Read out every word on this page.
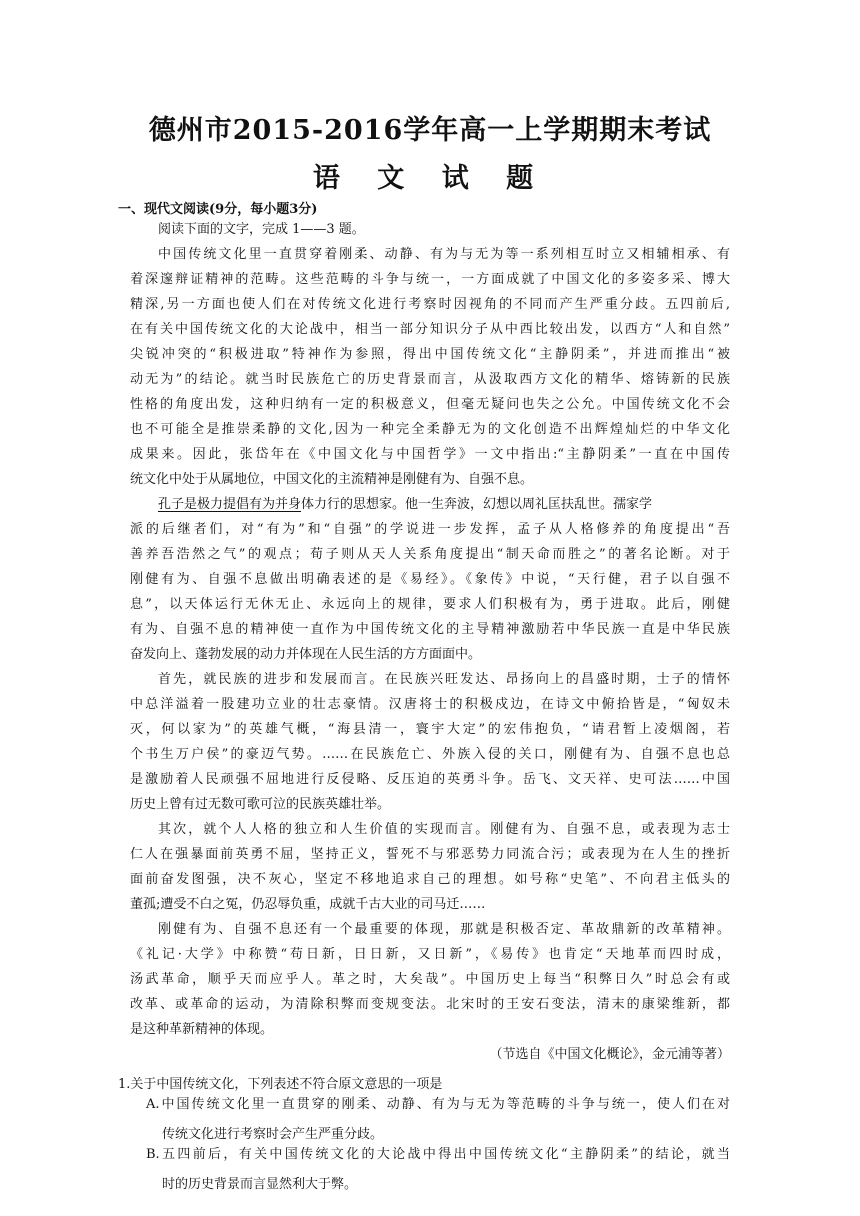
德州市2015-2016学年高一上学期期末考试
语 文 试 题
一、现代文阅读(9分，每小题3分)
阅读下面的文字，完成 1——3 题。
中国传统文化里一直贯穿着刚柔、动静、有为与无为等一系列相互时立又相辅相承、有
着深邃辩证精神的范畴。这些范畴的斗争与统一，一方面成就了中国文化的多姿多采、博大
精深,另一方面也使人们在对传统文化进行考察时因视角的不同而产生严重分歧。五四前后,
在有关中国传统文化的大论战中，相当一部分知识分子从中西比较出发，以西方“人和自然”
尖锐冲突的“积极进取”特神作为参照，得出中国传统文化“主静阴柔”，并进而推出“被
动无为”的结论。就当时民族危亡的历史背景而言，从汲取西方文化的精华、熔铸新的民族
性格的角度出发，这种归纳有一定的积极意义，但毫无疑问也失之公允。中国传统文化不会
也不可能全是推崇柔静的文化,因为一种完全柔静无为的文化创造不出辉煌灿烂的中华文化
成果来。因此，张岱年在《中国文化与中国哲学》一文中指出:“主静阴柔”一直在中国传
统文化中处于从属地位，中国文化的主流精神是刚健有为、自强不息。
孔子是极力提倡有为并身体力行的思想家。他一生奔波，幻想以周礼匡扶乱世。孺家学
派的后继者们，对“有为”和“自强”的学说进一步发挥，孟子从人格修养的角度提出“吾
善养吾浩然之气”的观点；荀子则从天人关系角度提出“制天命而胜之”的著名论断。对于
刚健有为、自强不息做出明确表述的是《易经》。《象传》中说，“天行健，君子以自强不
息”，以天体运行无休无止、永远向上的规律，要求人们积极有为，勇于进取。此后，刚健
有为、自强不息的精神使一直作为中国传统文化的主导精神激励若中华民族一直是中华民族
奋发向上、蓬勃发展的动力并体现在人民生活的方方面面中。
首先，就民族的进步和发展而言。在民族兴旺发达、昂扬向上的昌盛时期，士子的情怀
中总洋溢着一股建功立业的壮志豪情。汉唐将士的积极戍边，在诗文中俯拾皆是，“匈奴未
灭，何以家为”的英雄气概，“海县清一，寰宇大定”的宏伟抱负，“请君暂上凌烟阁，若
个书生万户侯”的豪迈气势。……在民族危亡、外族入侵的关口，刚健有为、自强不息也总
是激励着人民顽强不屈地进行反侵略、反压迫的英勇斗争。岳飞、文天祥、史可法……中国
历史上曾有过无数可歌可泣的民族英雄壮举。
其次，就个人人格的独立和人生价值的实现而言。刚健有为、自强不息，或表现为志士
仁人在强暴面前英勇不屈，坚持正义，誓死不与邪恶势力同流合污；或表现为在人生的挫折
面前奋发图强，决不灰心，坚定不移地追求自己的理想。如号称“史笔”、不向君主低头的
董孤;遭受不白之冤，仍忍辱负重，成就千古大业的司马迁……
刚健有为、自强不息还有一个最重要的体现，那就是积极否定、革故鼎新的改革精神。
《礼记·大学》中称赞“苟日新，日日新，又日新”，《易传》也肯定“天地革而四时成，
汤武革命，顺乎天而应乎人。革之时，大矣哉”。中国历史上每当“积弊日久”时总会有或
改革、或革命的运动，为清除积弊而变规变法。北宋时的王安石变法，清末的康梁维新，都
是这种革新精神的体现。
（节选自《中国文化概论》，金元浦等著）
1.关于中国传统文化，下列表述不符合原文意思的一项是
A.中国传统文化里一直贯穿的刚柔、动静、有为与无为等范畴的斗争与统一，使人们在对
传统文化进行考察时会产生严重分歧。
B.五四前后，有关中国传统文化的大论战中得出中国传统文化“主静阴柔”的结论，就当
时的历史背景而言显然利大于弊。
